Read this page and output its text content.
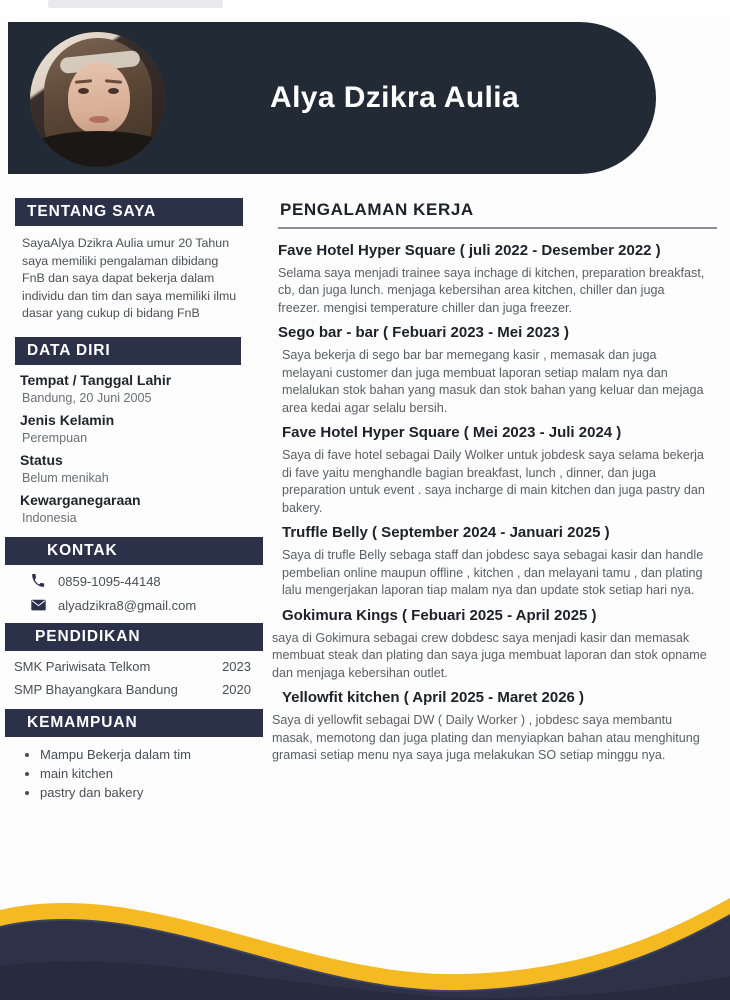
Alya Dzikra Aulia
TENTANG SAYA
SayaAlya Dzikra Aulia umur 20 Tahun saya memiliki pengalaman dibidang FnB dan saya dapat bekerja dalam individu dan tim dan saya memiliki ilmu dasar yang cukup di bidang FnB
DATA DIRI
Tempat / Tanggal Lahir
Bandung, 20 Juni 2005
Jenis Kelamin
Perempuan
Status
Belum menikah
Kewarganegaraan
Indonesia
KONTAK
0859-1095-44148
alyadzikra8@gmail.com
PENDIDIKAN
SMK Pariwisata Telkom	2023
SMP Bhayangkara Bandung	2020
KEMAMPUAN
• Mampu Bekerja dalam tim
• main kitchen
• pastry dan bakery
PENGALAMAN KERJA
Fave Hotel Hyper Square ( juli 2022 - Desember 2022 )
Selama saya menjadi trainee saya inchage di kitchen, preparation breakfast, cb, dan juga lunch. menjaga kebersihan area kitchen, chiller dan juga freezer. mengisi temperature chiller dan juga freezer.
Sego bar - bar ( Febuari 2023 - Mei 2023 )
Saya bekerja di sego bar bar memegang kasir , memasak dan juga melayani customer dan juga membuat laporan setiap malam nya dan melalukan stok bahan yang masuk dan stok bahan yang keluar dan mejaga area kedai agar selalu bersih.
Fave Hotel Hyper Square ( Mei 2023 - Juli 2024 )
Saya di fave hotel sebagai Daily Wolker untuk jobdesk saya selama bekerja di fave yaitu menghandle bagian breakfast, lunch , dinner, dan juga preparation untuk event . saya incharge di main kitchen dan juga pastry dan bakery.
Truffle Belly ( September 2024 - Januari 2025 )
Saya di trufle Belly sebaga staff dan jobdesc saya sebagai kasir dan handle pembelian online maupun offline , kitchen , dan melayani tamu , dan plating lalu mengerjakan laporan tiap malam nya dan update stok setiap hari nya.
Gokimura Kings ( Febuari 2025 - April 2025 )
saya di Gokimura sebagai crew dobdesc saya menjadi kasir dan memasak membuat steak dan plating dan saya juga membuat laporan dan stok opname dan menjaga kebersihan outlet.
Yellowfit kitchen ( April 2025 - Maret 2026 )
Saya di yellowfit sebagai DW ( Daily Worker ) , jobdesc saya membantu masak, memotong dan juga plating dan menyiapkan bahan atau menghitung gramasi setiap menu nya saya juga melakukan SO setiap minggu nya.
